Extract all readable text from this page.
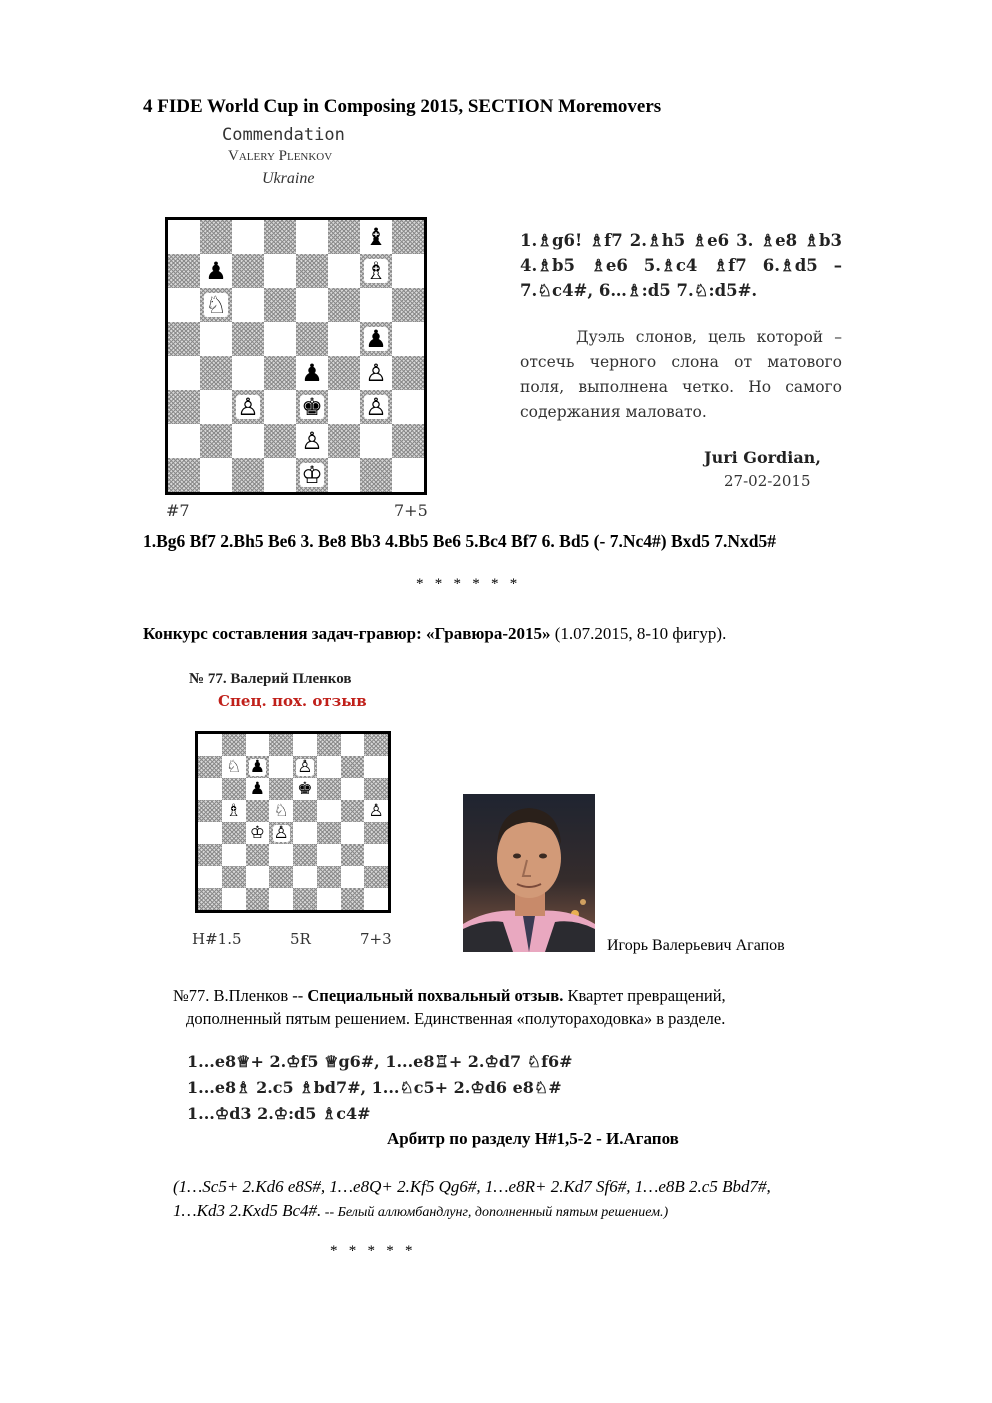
4 FIDE World Cup in Composing 2015, SECTION Moremovers
Commendation
Valery Plenkov
Ukraine
♝
♟	♗
♘
♟
♟ ♙
♙ ♚ ♙
♙
♔
#7	7+5
1.♗g6! ♗f7 2.♗h5 ♗e6 3. ♗e8 ♗b3 4.♗b5 ♗e6 5.♗c4 ♗f7 6.♗d5 – 7.♘c4#, 6…♗:d5 7.♘:d5#.
Дуэль слонов, цель которой – отсечь черного слона от матового поля, выполнена четко. Но самого содержания маловато.
Juri Gordian,
27-02-2015
1.Bg6 Bf7 2.Bh5 Be6 3. Be8 Bb3 4.Bb5 Be6 5.Bc4 Bf7 6. Bd5 (- 7.Nc4#) Bxd5 7.Nxd5#
*   *   *   *   *   *
Конкурс составления задач-гравюр: «Гравюра-2015» (1.07.2015, 8-10 фигур).
№ 77. Валерий Пленков
Спец. пох. отзыв
♘ ♟ ♙
♟ ♚
♗ ♘	♙
♔ ♙
H#1.5	5R	7+3	Игорь Валерьевич Агапов
№77. В.Пленков -- Специальный похвальный отзыв. Квартет превращений,
дополненный пятым решением. Единственная «полутораходовка» в разделе.
1...e8♕+ 2.♔f5 ♕g6#, 1...e8♖+ 2.♔d7 ♘f6#
1...e8♗ 2.c5 ♗bd7#, 1...♘c5+ 2.♔d6 e8♘#
1...♔d3 2.♔:d5 ♗c4#
Арбитр по разделу H#1,5-2 - И.Агапов
(1…Sc5+ 2.Kd6 e8S#, 1…e8Q+ 2.Kf5 Qg6#, 1…e8R+ 2.Kd7 Sf6#, 1…e8B 2.c5 Bbd7#,
1…Kd3 2.Kxd5 Bc4#. -- Белый аллюмбандлунг, дополненный пятым решением.)
*   *   *   *   *
